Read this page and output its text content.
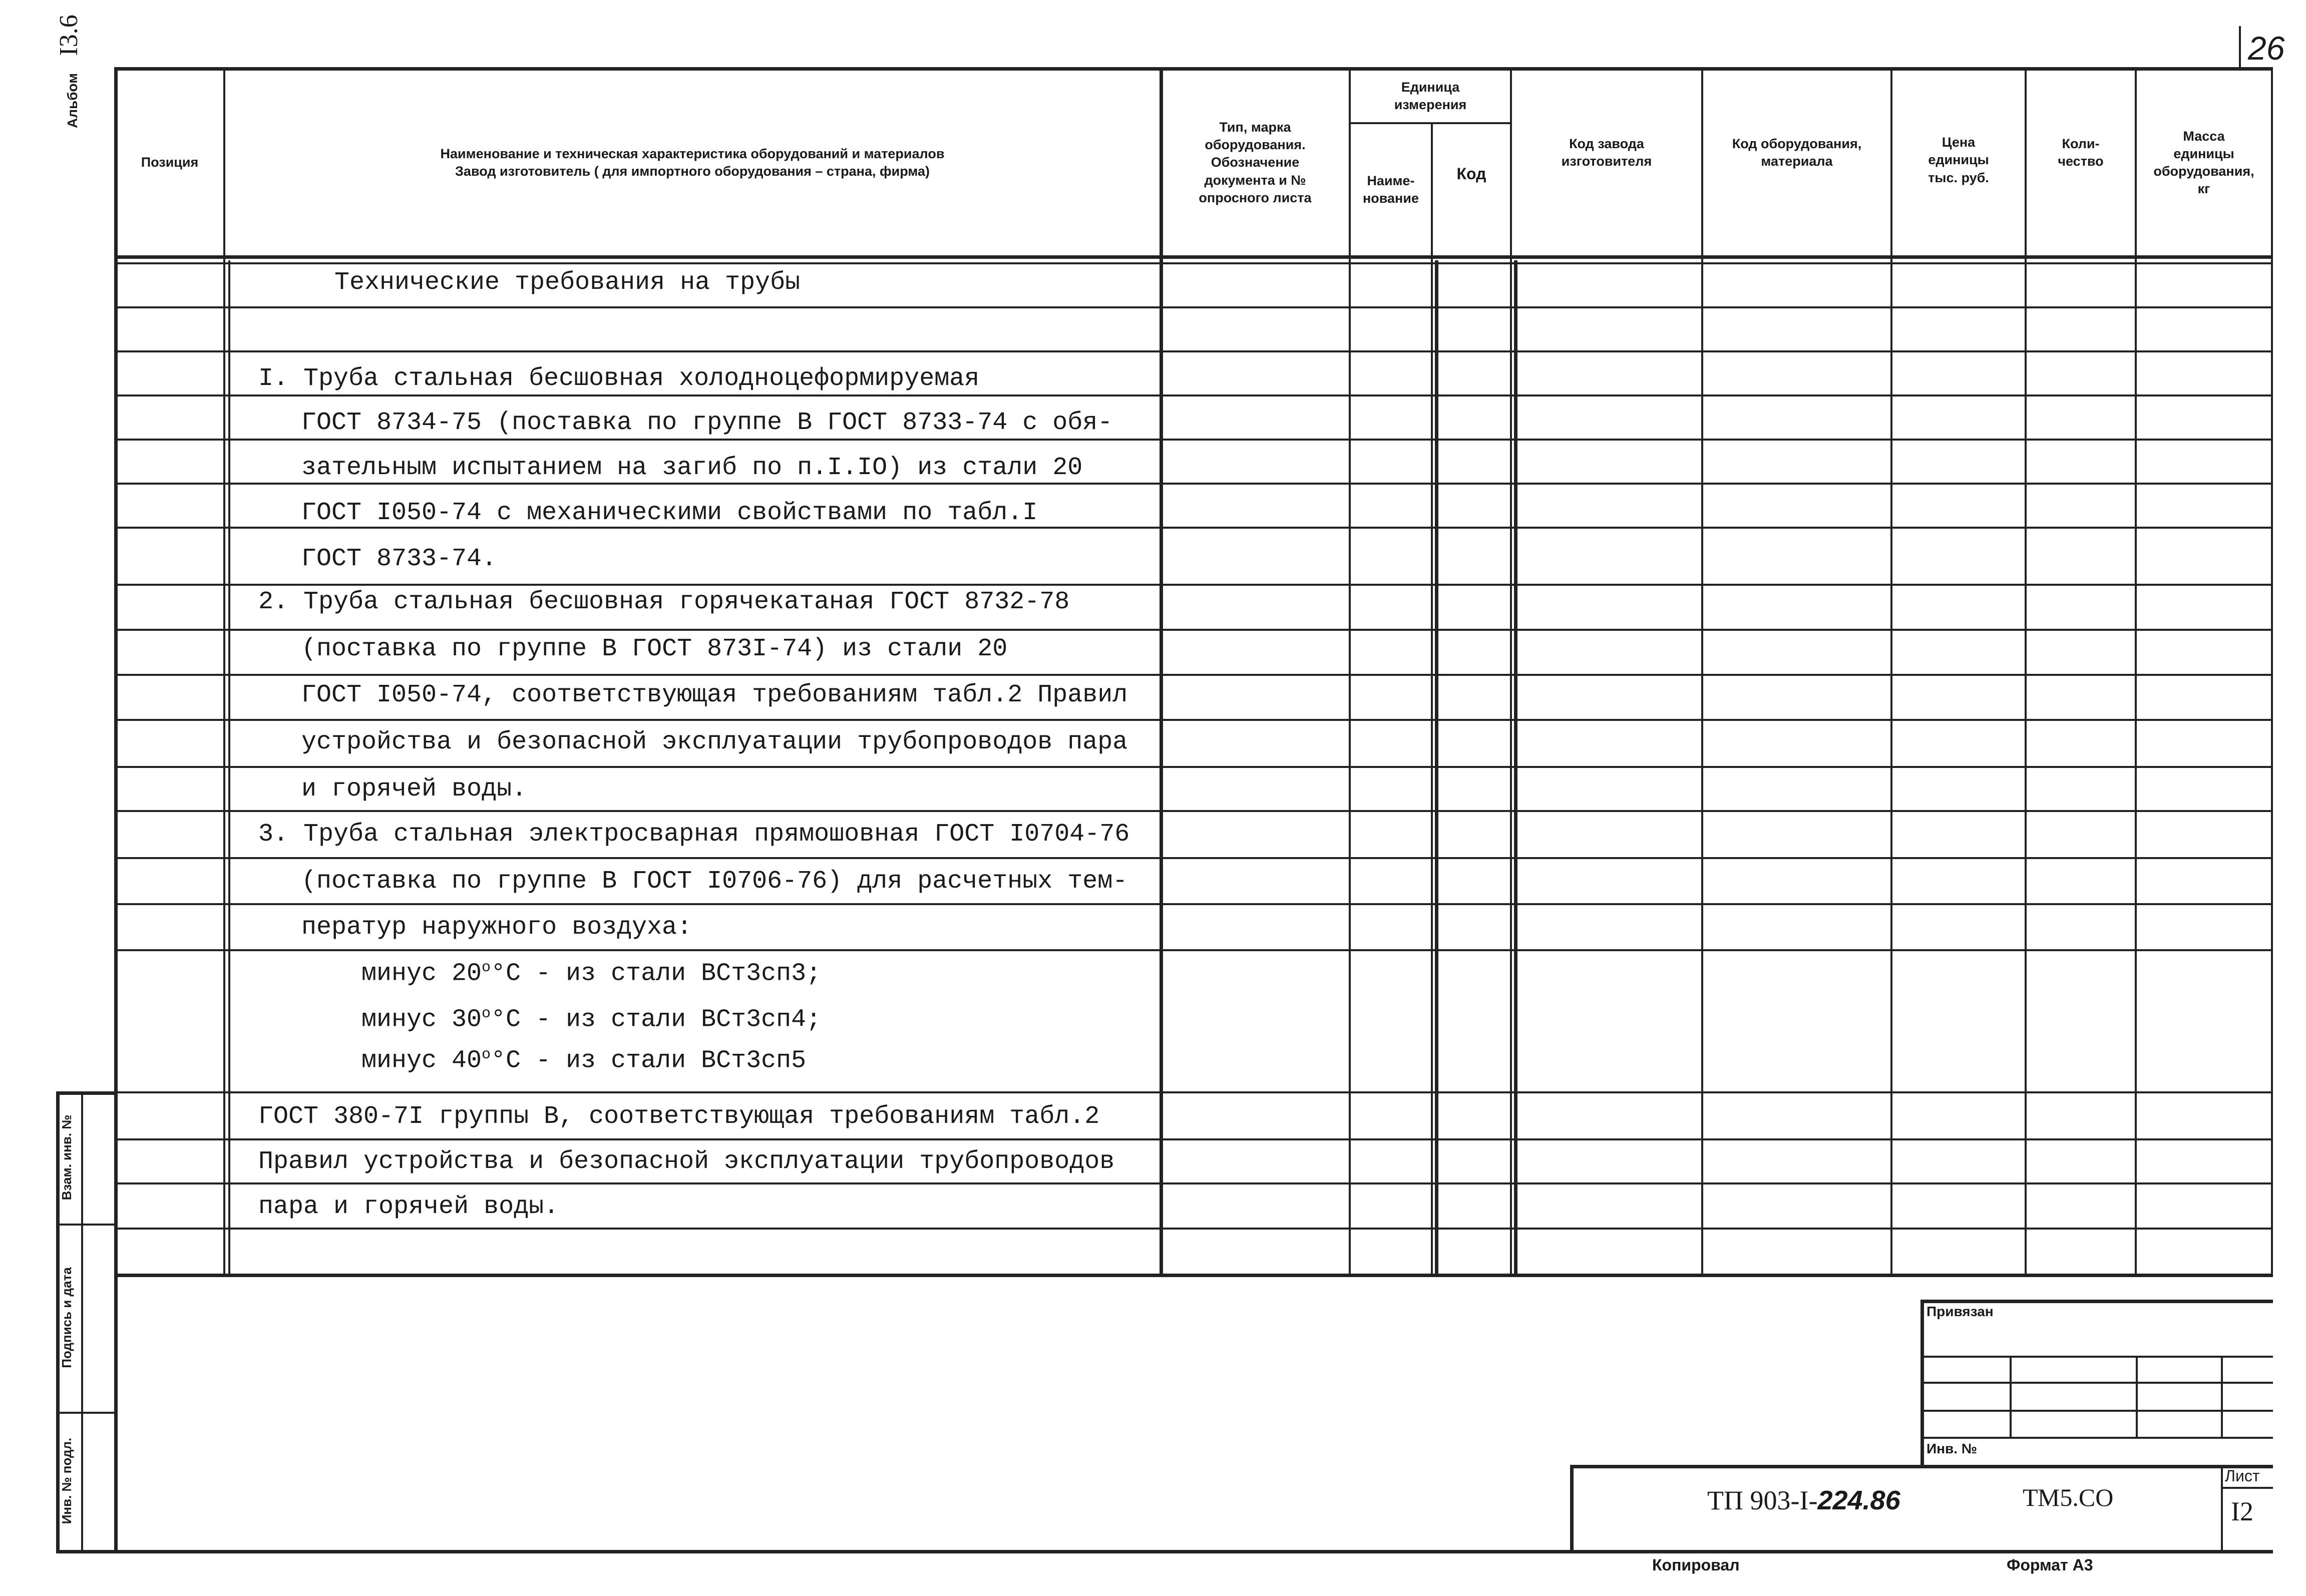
26
Альбом I3.6
Позиция
Наименование и техническая характеристика оборудований и материалов
Завод изготовитель ( для импортного оборудования – страна, фирма)
Тип, марка
оборудования.
Обозначение
документа и №
опросного листа
Единица
измерения
Наиме-
нование
Код
Код завода
изготовителя
Код оборудования,
материала
Цена
единицы
тыс. руб.
Коли-
чество
Масса
единицы
оборудования,
кг
Технические требования на трубы
I. Труба стальная бесшовная холодноцеформируемая
ГОСТ 8734-75 (поставка по группе В ГОСТ 8733-74 с обя-
зательным испытанием на загиб по п.I.IO) из стали 20
ГОСТ I050-74 с механическими свойствами по табл.I
ГОСТ 8733-74.
2. Труба стальная бесшовная горячекатаная ГОСТ 8732-78
(поставка по группе В ГОСТ 873I-74) из стали 20
ГОСТ I050-74, соответствующая требованиям табл.2 Правил
устройства и безопасной эксплуатации трубопроводов пара
и горячей воды.
3. Труба стальная электросварная прямошовная ГОСТ I0704-76
(поставка по группе В ГОСТ I0706-76) для расчетных тем-
ператур наружного воздуха:
минус $20^о^\circ С$ - из стали ВСт3сп3;
минус $30^о^\circ С$ - из стали ВСт3сп4;
минус $40^о^\circ С$ - из стали ВСт3сп5
ГОСТ 380-7I группы В, соответствующая требованиям табл.2
Правил устройства и безопасной эксплуатации трубопроводов
пара и горячей воды.
Взам. инв. №
Подпись и дата
Инв. № подл.
Привязан
Инв. №
ТП 903-I-224.86	ТМ5.СО
Лист
I2
Копировал	Формат А3
